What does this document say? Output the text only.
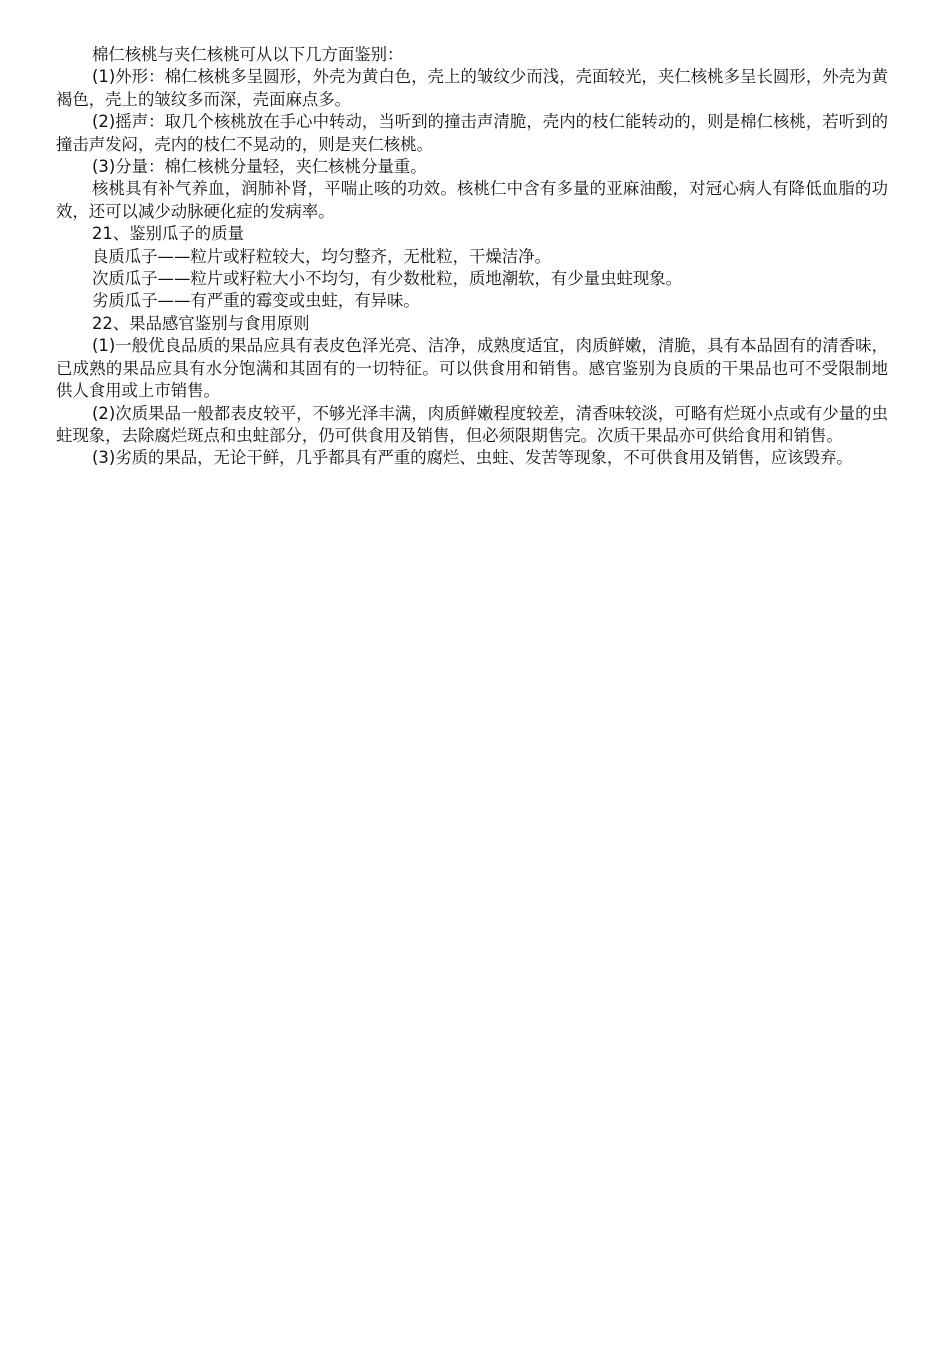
棉仁核桃与夹仁核桃可从以下几方面鉴别：

(1)外形：棉仁核桃多呈圆形，外壳为黄白色，壳上的皱纹少而浅，壳面较光，夹仁核桃多呈长圆形，外壳为黄褐色，壳上的皱纹多而深，壳面麻点多。

(2)摇声：取几个核桃放在手心中转动，当听到的撞击声清脆，壳内的枝仁能转动的，则是棉仁核桃，若听到的撞击声发闷，壳内的枝仁不晃动的，则是夹仁核桃。

(3)分量：棉仁核桃分量轻，夹仁核桃分量重。

核桃具有补气养血，润肺补肾，平喘止咳的功效。核桃仁中含有多量的亚麻油酸，对冠心病人有降低血脂的功效，还可以减少动脉硬化症的发病率。

21、鉴别瓜子的质量

良质瓜子——粒片或籽粒较大，均匀整齐，无枇粒，干燥洁净。

次质瓜子——粒片或籽粒大小不均匀，有少数枇粒，质地潮软，有少量虫蛀现象。

劣质瓜子——有严重的霉变或虫蛀，有异味。

22、果品感官鉴别与食用原则

(1)一般优良品质的果品应具有表皮色泽光亮、洁净，成熟度适宜，肉质鲜嫩，清脆，具有本品固有的清香味，已成熟的果品应具有水分饱满和其固有的一切特征。可以供食用和销售。感官鉴别为良质的干果品也可不受限制地供人食用或上市销售。

(2)次质果品一般都表皮较平，不够光泽丰满，肉质鲜嫩程度较差，清香味较淡，可略有烂斑小点或有少量的虫蛀现象，去除腐烂斑点和虫蛀部分，仍可供食用及销售，但必须限期售完。次质干果品亦可供给食用和销售。

(3)劣质的果品，无论干鲜，几乎都具有严重的腐烂、虫蛀、发苦等现象，不可供食用及销售，应该毁弃。
